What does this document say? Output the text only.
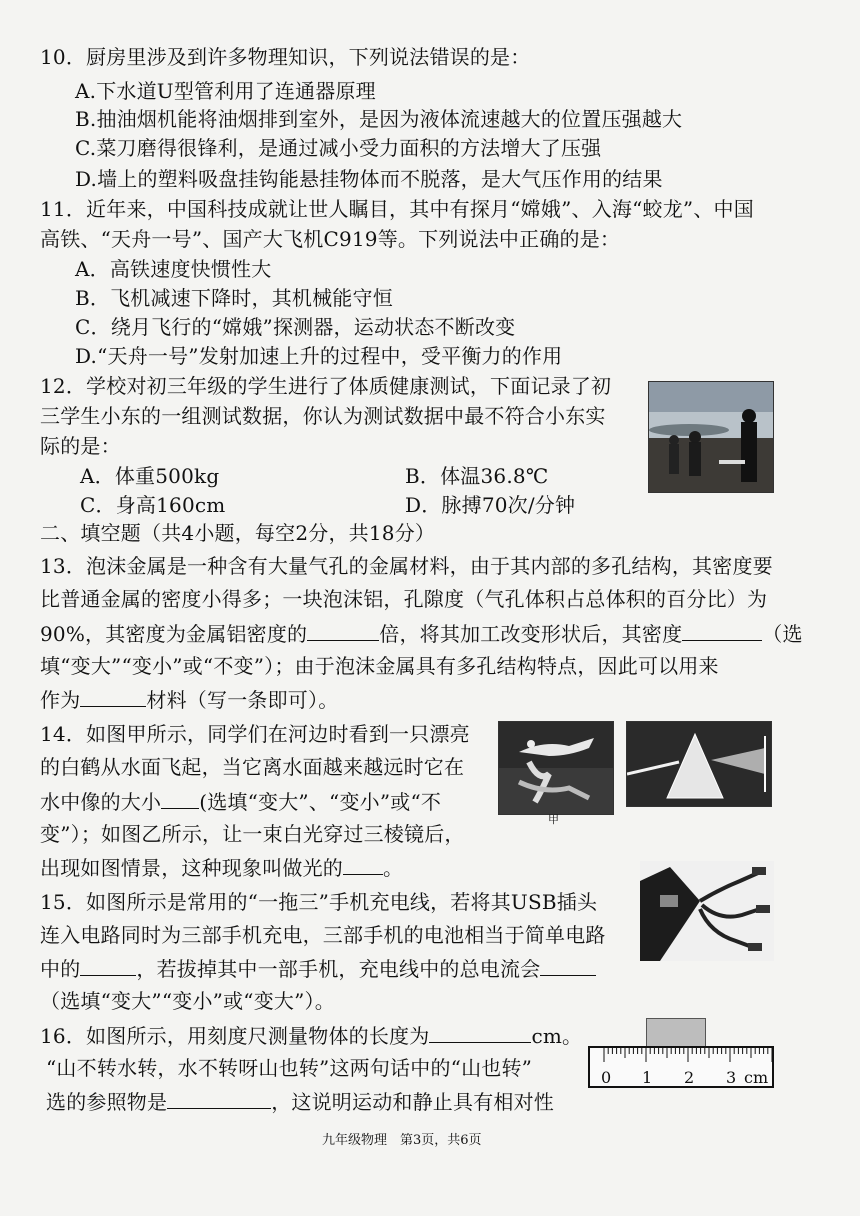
10．厨房里涉及到许多物理知识，下列说法错误的是：
A.下水道U型管利用了连通器原理
B.抽油烟机能将油烟排到室外，是因为液体流速越大的位置压强越大
C.菜刀磨得很锋利，是通过减小受力面积的方法增大了压强
D.墙上的塑料吸盘挂钩能悬挂物体而不脱落，是大气压作用的结果
11．近年来，中国科技成就让世人瞩目，其中有探月“嫦娥”、入海“蛟龙”、中国
高铁、“天舟一号”、国产大飞机C919等。下列说法中正确的是：
A．高铁速度快惯性大
B．飞机减速下降时，其机械能守恒
C．绕月飞行的“嫦娥”探测器，运动状态不断改变
D.“天舟一号”发射加速上升的过程中，受平衡力的作用
12．学校对初三年级的学生进行了体质健康测试，下面记录了初
三学生小东的一组测试数据，你认为测试数据中最不符合小东实
际的是：
A．体重500kg	B．体温36.8℃
C．身高160cm	D．脉搏70次/分钟
二、填空题（共4小题，每空2分，共18分）
13．泡沫金属是一种含有大量气孔的金属材料，由于其内部的多孔结构，其密度要
比普通金属的密度小得多；一块泡沫铝，孔隙度（气孔体积占总体积的百分比）为
90%，其密度为金属铝密度的	倍，将其加工改变形状后，其密度	（选
填“变大”“变小”或“不变”）；由于泡沫金属具有多孔结构特点，因此可以用来
作为	材料（写一条即可）。
14．如图甲所示，同学们在河边时看到一只漂亮
的白鹤从水面飞起，当它离水面越来越远时它在
水中像的大小 (选填“变大”、“变小”或“不
变”）；如图乙所示，让一束白光穿过三棱镜后，
出现如图情景，这种现象叫做光的 。
甲
15．如图所示是常用的“一拖三”手机充电线，若将其USB插头
连入电路同时为三部手机充电，三部手机的电池相当于简单电路
中的	，若拔掉其中一部手机，充电线中的总电流会
（选填“变大”“变小”或“变大”）。
16．如图所示，用刻度尺测量物体的长度为	cm。
“山不转水转，水不转呀山也转”这两句话中的“山也转”
选的参照物是	，这说明运动和静止具有相对性
0 1 2 3 cm
九年级物理　第3页，共6页
